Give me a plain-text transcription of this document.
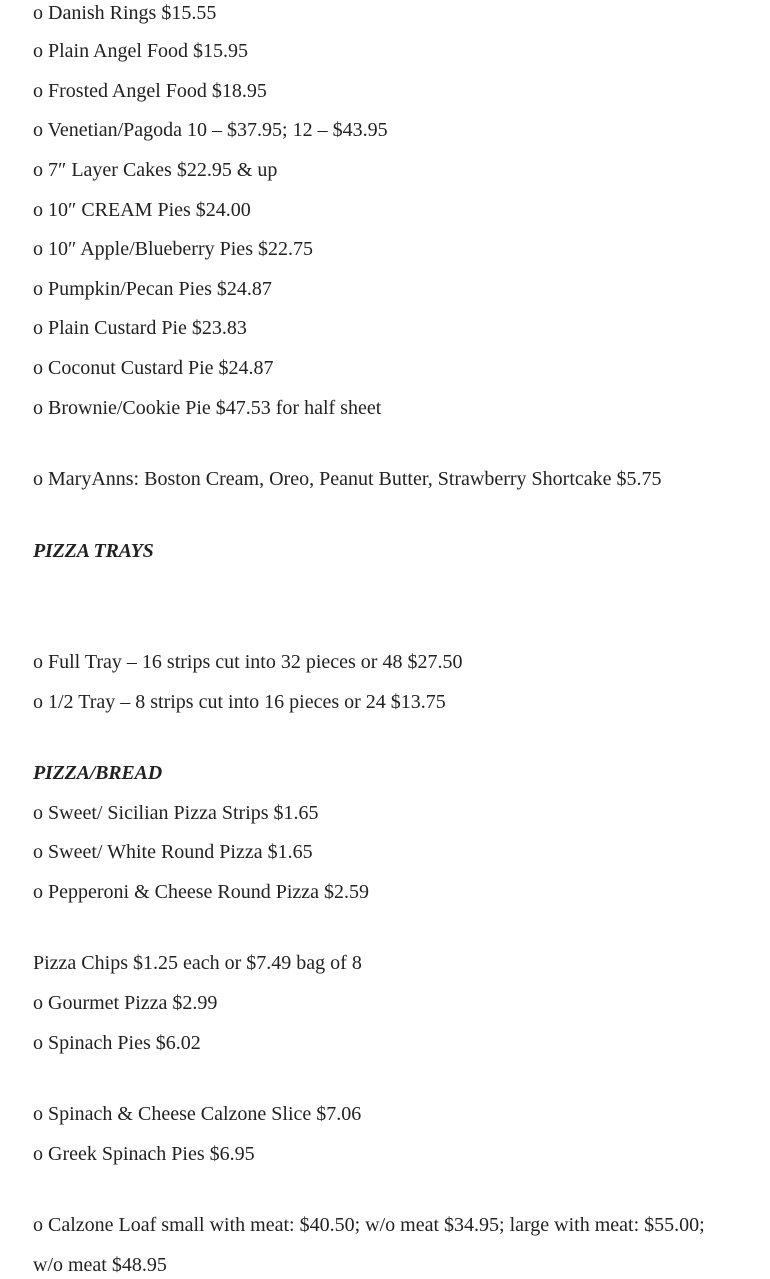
o Danish Rings $15.55
o Plain Angel Food $15.95
o Frosted Angel Food $18.95
o Venetian/Pagoda 10 – $37.95; 12 – $43.95
o 7″ Layer Cakes $22.95 & up
o 10″ CREAM Pies $24.00
o 10″ Apple/Blueberry Pies $22.75
o Pumpkin/Pecan Pies $24.87
o Plain Custard Pie $23.83
o Coconut Custard Pie $24.87
o Brownie/Cookie Pie $47.53 for half sheet
o MaryAnns: Boston Cream, Oreo, Peanut Butter, Strawberry Shortcake $5.75
PIZZA TRAYS
o Full Tray – 16 strips cut into 32 pieces or 48 $27.50
o 1/2 Tray – 8 strips cut into 16 pieces or 24 $13.75
PIZZA/BREAD
o Sweet/ Sicilian Pizza Strips $1.65
o Sweet/ White Round Pizza $1.65
o Pepperoni & Cheese Round Pizza $2.59
Pizza Chips $1.25 each or $7.49 bag of 8
o Gourmet Pizza $2.99
o Spinach Pies $6.02
o Spinach & Cheese Calzone Slice $7.06
o Greek Spinach Pies $6.95
o Calzone Loaf small with meat: $40.50; w/o meat $34.95; large with meat: $55.00;
w/o meat $48.95
